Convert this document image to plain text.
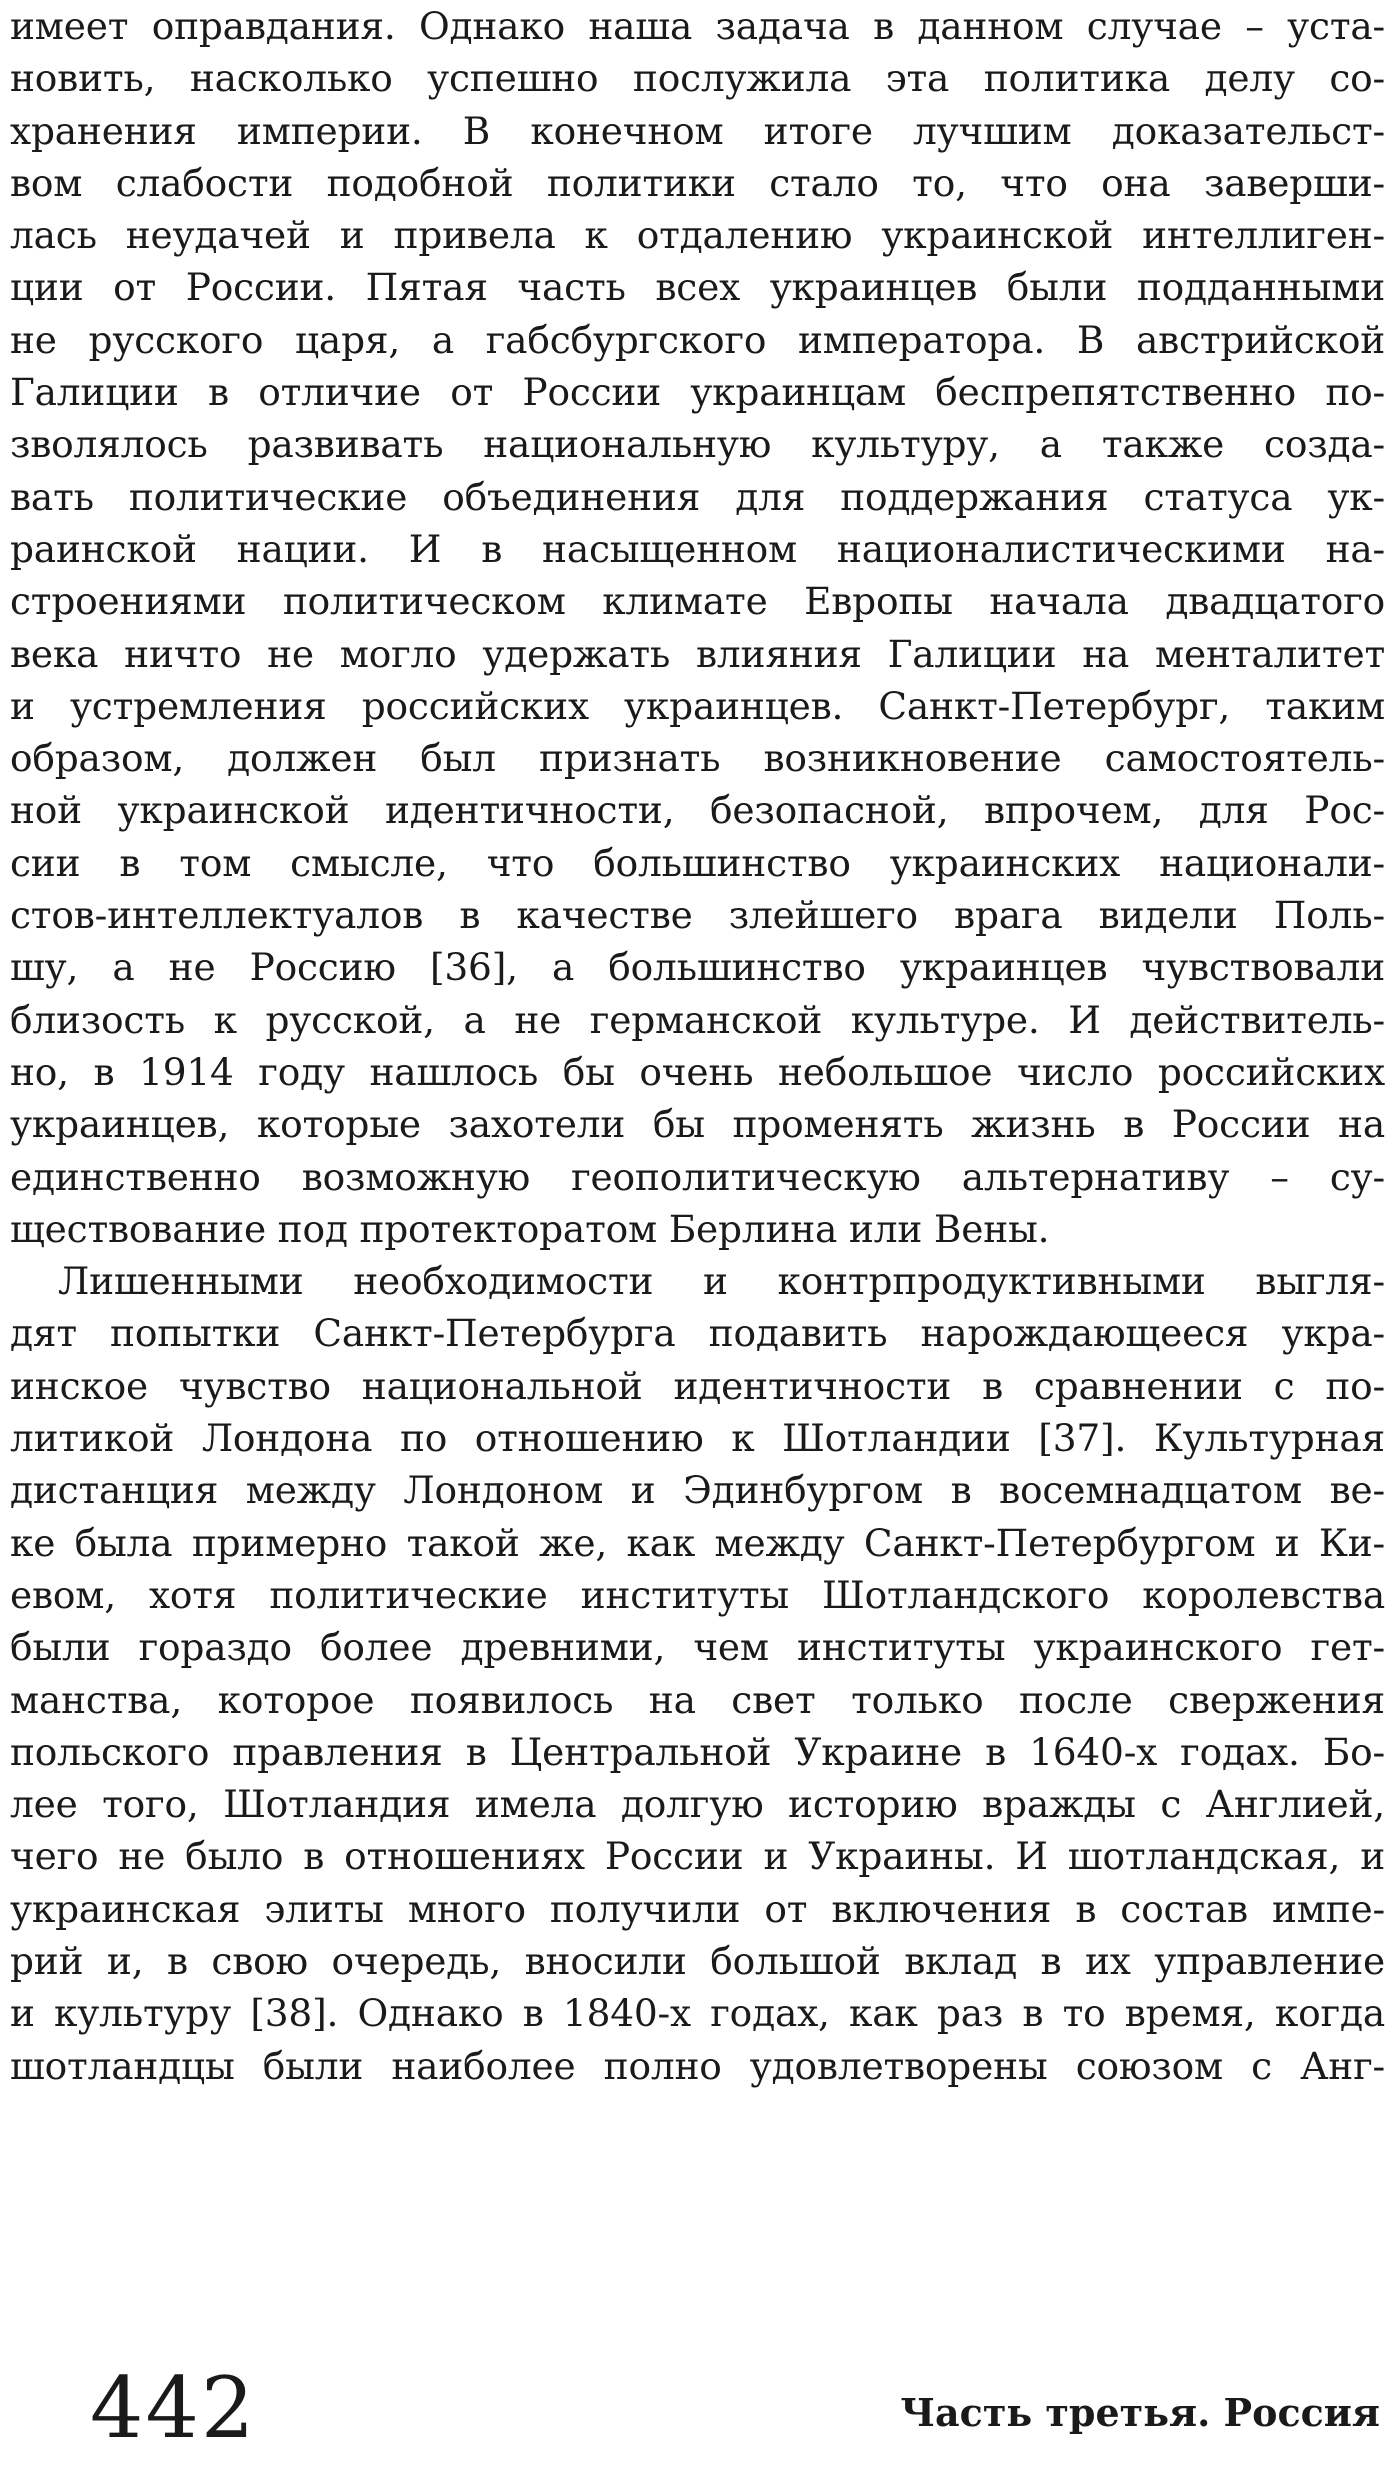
имеет оправдания. Однако наша задача в данном случае – уста-
новить, насколько успешно послужила эта политика делу со-
хранения империи. В конечном итоге лучшим доказательст-
вом слабости подобной политики стало то, что она заверши-
лась неудачей и привела к отдалению украинской интеллиген-
ции от России. Пятая часть всех украинцев были подданными
не русского царя, а габсбургского императора. В австрийской
Галиции в отличие от России украинцам беспрепятственно по-
зволялось развивать национальную культуру, а также созда-
вать политические объединения для поддержания статуса ук-
раинской нации. И в насыщенном националистическими на-
строениями политическом климате Европы начала двадцатого
века ничто не могло удержать влияния Галиции на менталитет
и устремления российских украинцев. Санкт-Петербург, таким
образом, должен был признать возникновение самостоятель-
ной украинской идентичности, безопасной, впрочем, для Рос-
сии в том смысле, что большинство украинских национали-
стов-интеллектуалов в качестве злейшего врага видели Поль-
шу, а не Россию [36], а большинство украинцев чувствовали
близость к русской, а не германской культуре. И действитель-
но, в 1914 году нашлось бы очень небольшое число российских
украинцев, которые захотели бы променять жизнь в России на
единственно возможную геополитическую альтернативу – су-
ществование под протекторатом Берлина или Вены.
Лишенными необходимости и контрпродуктивными выгля-
дят попытки Санкт-Петербурга подавить нарождающееся укра-
инское чувство национальной идентичности в сравнении с по-
литикой Лондона по отношению к Шотландии [37]. Культурная
дистанция между Лондоном и Эдинбургом в восемнадцатом ве-
ке была примерно такой же, как между Санкт-Петербургом и Ки-
евом, хотя политические институты Шотландского королевства
были гораздо более древними, чем институты украинского гет-
манства, которое появилось на свет только после свержения
польского правления в Центральной Украине в 1640-х годах. Бо-
лее того, Шотландия имела долгую историю вражды с Англией,
чего не было в отношениях России и Украины. И шотландская, и
украинская элиты много получили от включения в состав импе-
рий и, в свою очередь, вносили большой вклад в их управление
и культуру [38]. Однако в 1840-х годах, как раз в то время, когда
шотландцы были наиболее полно удовлетворены союзом с Анг-
442	Часть третья. Россия
